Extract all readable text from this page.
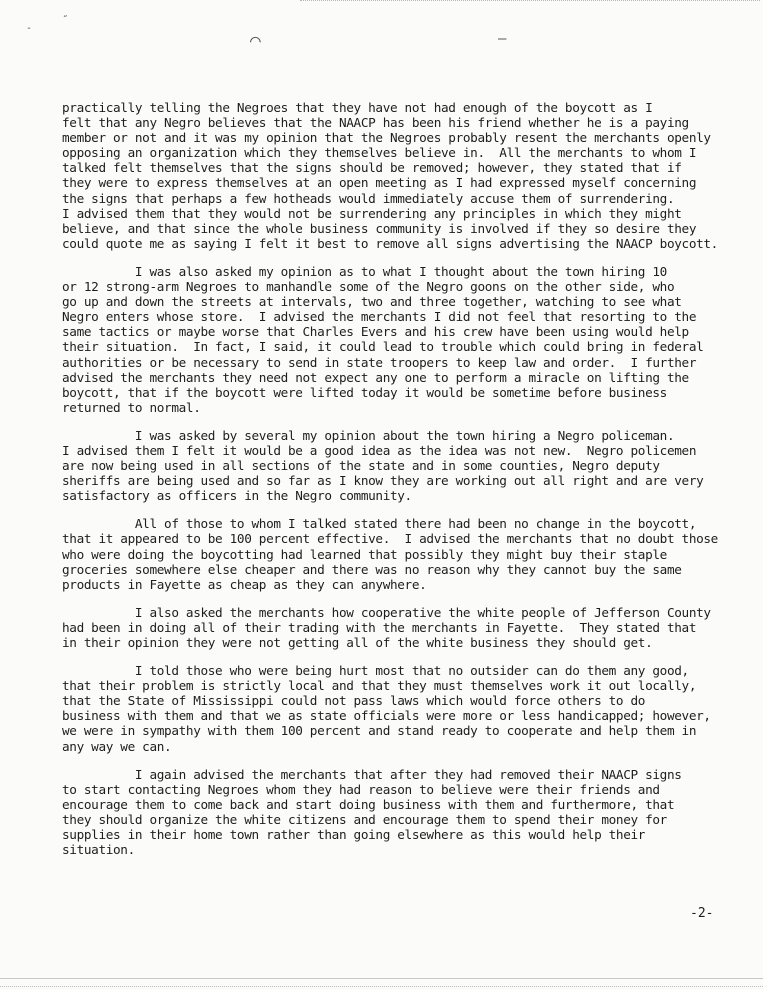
-
˝
⌒	–
practically telling the Negroes that they have not had enough of the boycott as I
felt that any Negro believes that the NAACP has been his friend whether he is a paying
member or not and it was my opinion that the Negroes probably resent the merchants openly
opposing an organization which they themselves believe in.  All the merchants to whom I
talked felt themselves that the signs should be removed; however, they stated that if
they were to express themselves at an open meeting as I had expressed myself concerning
the signs that perhaps a few hotheads would immediately accuse them of surrendering.
I advised them that they would not be surrendering any principles in which they might
believe, and that since the whole business community is involved if they so desire they
could quote me as saying I felt it best to remove all signs advertising the NAACP boycott.
I was also asked my opinion as to what I thought about the town hiring 10
or 12 strong-arm Negroes to manhandle some of the Negro goons on the other side, who
go up and down the streets at intervals, two and three together, watching to see what
Negro enters whose store.  I advised the merchants I did not feel that resorting to the
same tactics or maybe worse that Charles Evers and his crew have been using would help
their situation.  In fact, I said, it could lead to trouble which could bring in federal
authorities or be necessary to send in state troopers to keep law and order.  I further
advised the merchants they need not expect any one to perform a miracle on lifting the
boycott, that if the boycott were lifted today it would be sometime before business
returned to normal.
I was asked by several my opinion about the town hiring a Negro policeman.
I advised them I felt it would be a good idea as the idea was not new.  Negro policemen
are now being used in all sections of the state and in some counties, Negro deputy
sheriffs are being used and so far as I know they are working out all right and are very
satisfactory as officers in the Negro community.
All of those to whom I talked stated there had been no change in the boycott,
that it appeared to be 100 percent effective.  I advised the merchants that no doubt those
who were doing the boycotting had learned that possibly they might buy their staple
groceries somewhere else cheaper and there was no reason why they cannot buy the same
products in Fayette as cheap as they can anywhere.
I also asked the merchants how cooperative the white people of Jefferson County
had been in doing all of their trading with the merchants in Fayette.  They stated that
in their opinion they were not getting all of the white business they should get.
I told those who were being hurt most that no outsider can do them any good,
that their problem is strictly local and that they must themselves work it out locally,
that the State of Mississippi could not pass laws which would force others to do
business with them and that we as state officials were more or less handicapped; however,
we were in sympathy with them 100 percent and stand ready to cooperate and help them in
any way we can.
I again advised the merchants that after they had removed their NAACP signs
to start contacting Negroes whom they had reason to believe were their friends and
encourage them to come back and start doing business with them and furthermore, that
they should organize the white citizens and encourage them to spend their money for
supplies in their home town rather than going elsewhere as this would help their
situation.
-2-
